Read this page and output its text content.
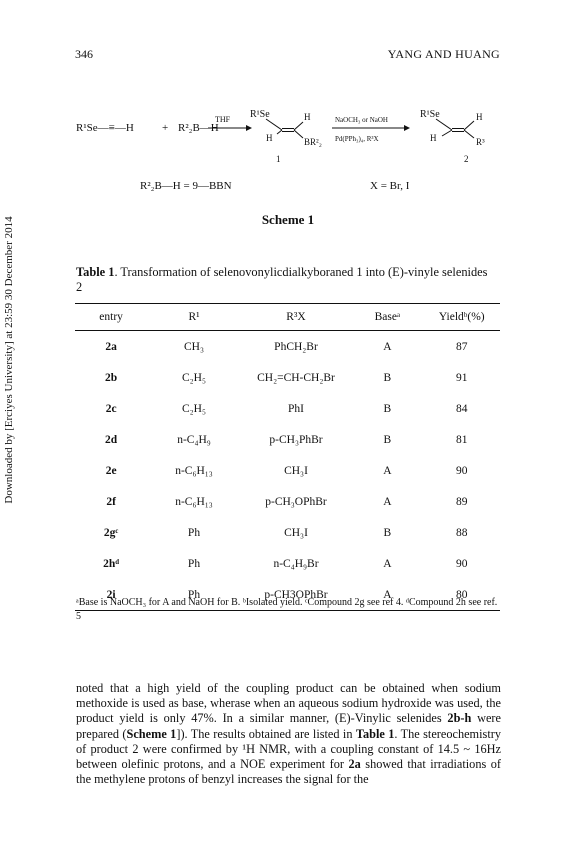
346	YANG AND HUANG
Downloaded by [Erciyes University] at 23:59 30 December 2014
R¹Se—≡—H	+ R²₂B—H
THF R¹Se
H
H
BR²₂
1
NaOCH₃ or NaOH
Pd(PPh₃)₄, R³X
R¹Se
H
H
R³
2
R²₂B—H = 9—BBN	X = Br, I
Scheme 1
Table 1. Transformation of selenovonylicdialkyboraned 1 into (E)-vinyle selenides 2
entry	R¹	R³X	Baseᵃ	Yieldᵇ(%)
2a	CH₃	PhCH₂Br	A	87
2b	C₂H₅	CH₂=CH-CH₂Br	B	91
2c	C₂H₅	PhI	B	84
2d	n-C₄H₉	p-CH₃PhBr	B	81
2e	n-C₆H₁₃	CH₃I	A	90
2f	n-C₆H₁₃	p-CH₃OPhBr	A	89
2gᶜ	Ph	CH₃I	B	88
2hᵈ	Ph	n-C₄H₉Br	A	90
2i	Ph	p-CH3OPhBr	A	80
ᵃBase is NaOCH₃ for A and NaOH for B. ᵇIsolated yield. ᶜCompound 2g see ref 4. ᵈCompound 2h see ref. 5
noted that a high yield of the coupling product can be obtained when sodium methoxide is used as base, wherase when an aqueous sodium hydroxide was used, the product yield is only 47%. In a similar manner, (E)-Vinylic selenides 2b-h were prepared (Scheme 1]). The results obtained are listed in Table 1. The stereochemistry of product 2 were confirmed by ¹H NMR, with a coupling constant of 14.5 ~ 16Hz between olefinic protons, and a NOE experiment for 2a showed that irradiations of the methylene protons of benzyl increases the signal for the
